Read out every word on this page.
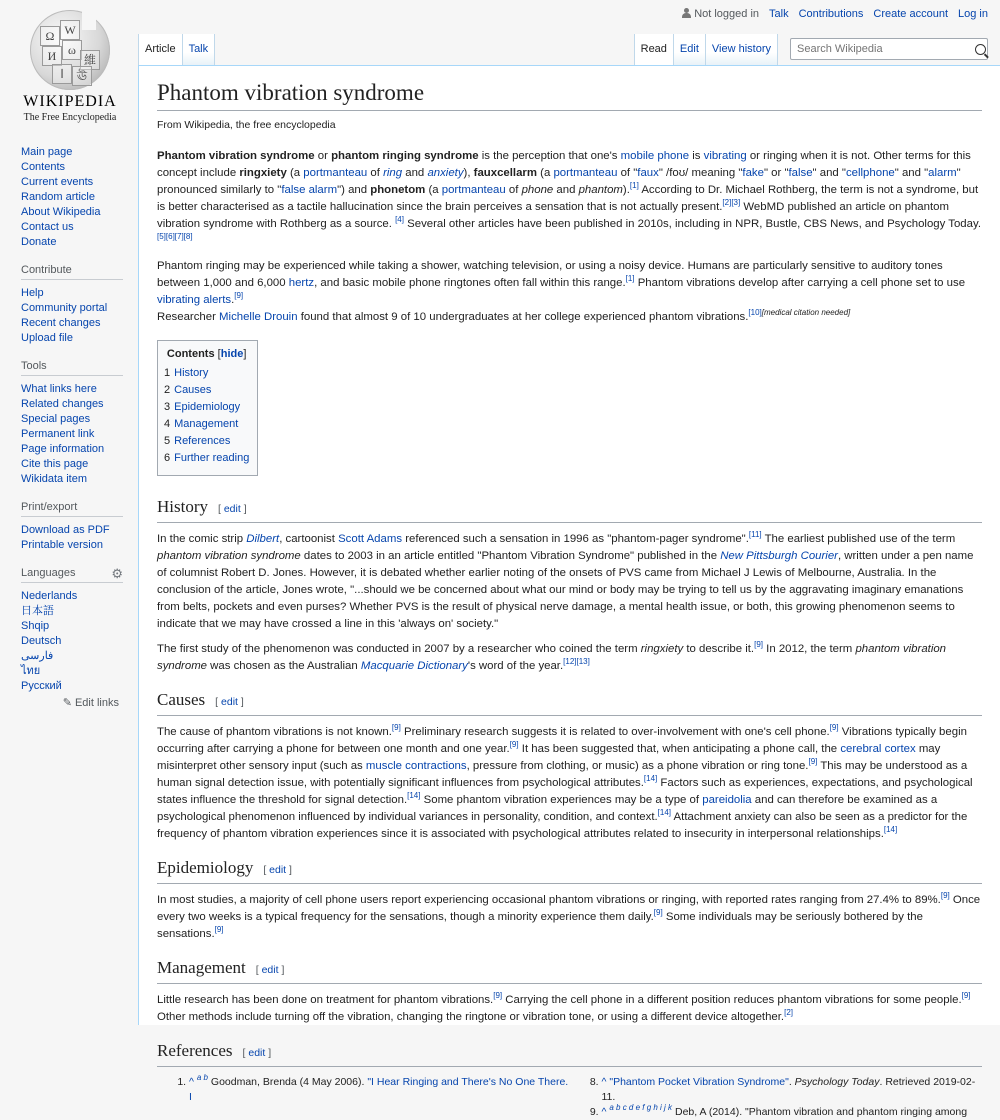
Not logged in Talk Contributions Create account Log in
Ω W
И ω
維
ا	ঊ
WIKIPEDIA
The Free Encyclopedia
Article	Talk	Read	Edit	View history
Search Wikipedia
Main page
Contents
Current events
Random article
About Wikipedia
Contact us
Donate
Contribute
Help
Community portal
Recent changes
Upload file
Tools
What links here
Related changes
Special pages
Permanent link
Page information
Cite this page
Wikidata item
Print/export
Download as PDF
Printable version
Languages	⚙
Nederlands
日本語
Shqip
Deutsch
فارسی
ไทย
Русский
✎ Edit links
Phantom vibration syndrome
From Wikipedia, the free encyclopedia

Phantom vibration syndrome or phantom ringing syndrome is the perception that one's mobile phone is vibrating or ringing when it is not. Other terms for this concept include ringxiety (a portmanteau of ring and anxiety), fauxcellarm (a portmanteau of "faux" /foʊ/ meaning "fake" or "false" and "cellphone" and "alarm" pronounced similarly to "false alarm") and phonetom (a portmanteau of phone and phantom).[1] According to Dr. Michael Rothberg, the term is not a syndrome, but is better characterised as a tactile hallucination since the brain perceives a sensation that is not actually present.[2][3] WebMD published an article on phantom vibration syndrome with Rothberg as a source. [4] Several other articles have been published in 2010s, including in NPR, Bustle, CBS News, and Psychology Today. [5][6][7][8]

Phantom ringing may be experienced while taking a shower, watching television, or using a noisy device. Humans are particularly sensitive to auditory tones between 1,000 and 6,000 hertz, and basic mobile phone ringtones often fall within this range.[1] Phantom vibrations develop after carrying a cell phone set to use vibrating alerts.[9]
Researcher Michelle Drouin found that almost 9 of 10 undergraduates at her college experienced phantom vibrations.[10][medical citation needed]

Contents [hide]
1 History
2 Causes
3 Epidemiology
4 Management
5 References
6 Further reading
History [ edit ]

In the comic strip Dilbert, cartoonist Scott Adams referenced such a sensation in 1996 as "phantom-pager syndrome".[11] The earliest published use of the term phantom vibration syndrome dates to 2003 in an article entitled "Phantom Vibration Syndrome" published in the New Pittsburgh Courier, written under a pen name of columnist Robert D. Jones. However, it is debated whether earlier noting of the onsets of PVS came from Michael J Lewis of Melbourne, Australia. In the conclusion of the article, Jones wrote, "...should we be concerned about what our mind or body may be trying to tell us by the aggravating imaginary emanations from belts, pockets and even purses? Whether PVS is the result of physical nerve damage, a mental health issue, or both, this growing phenomenon seems to indicate that we may have crossed a line in this 'always on' society."

The first study of the phenomenon was conducted in 2007 by a researcher who coined the term ringxiety to describe it.[9] In 2012, the term phantom vibration syndrome was chosen as the Australian Macquarie Dictionary's word of the year.[12][13]

Causes [ edit ]

The cause of phantom vibrations is not known.[9] Preliminary research suggests it is related to over-involvement with one's cell phone.[9] Vibrations typically begin occurring after carrying a phone for between one month and one year.[9] It has been suggested that, when anticipating a phone call, the cerebral cortex may misinterpret other sensory input (such as muscle contractions, pressure from clothing, or music) as a phone vibration or ring tone.[9] This may be understood as a human signal detection issue, with potentially significant influences from psychological attributes.[14] Factors such as experiences, expectations, and psychological states influence the threshold for signal detection.[14] Some phantom vibration experiences may be a type of pareidolia and can therefore be examined as a psychological phenomenon influenced by individual variances in personality, condition, and context.[14] Attachment anxiety can also be seen as a predictor for the frequency of phantom vibration experiences since it is associated with psychological attributes related to insecurity in interpersonal relationships.[14]

Epidemiology [ edit ]

In most studies, a majority of cell phone users report experiencing occasional phantom vibrations or ringing, with reported rates ranging from 27.4% to 89%.[9] Once every two weeks is a typical frequency for the sensations, though a minority experience them daily.[9] Some individuals may be seriously bothered by the sensations.[9]

Management [ edit ]

Little research has been done on treatment for phantom vibrations.[9] Carrying the cell phone in a different position reduces phantom vibrations for some people.[9] Other methods include turning off the vibration, changing the ringtone or vibration tone, or using a different device altogether.[2]

References [ edit ]
1. ^ $^{a b}$ Goodman, Brenda (4 May 2006). "I Hear Ringing and There's No One There. I
8. ^ "Phantom Pocket Vibration Syndrome". Psychology Today. Retrieved 2019-02-11.
9. ^ $^{a b c d e f g h i j k}$ Deb, A (2014). "Phantom vibration and phantom ringing among
